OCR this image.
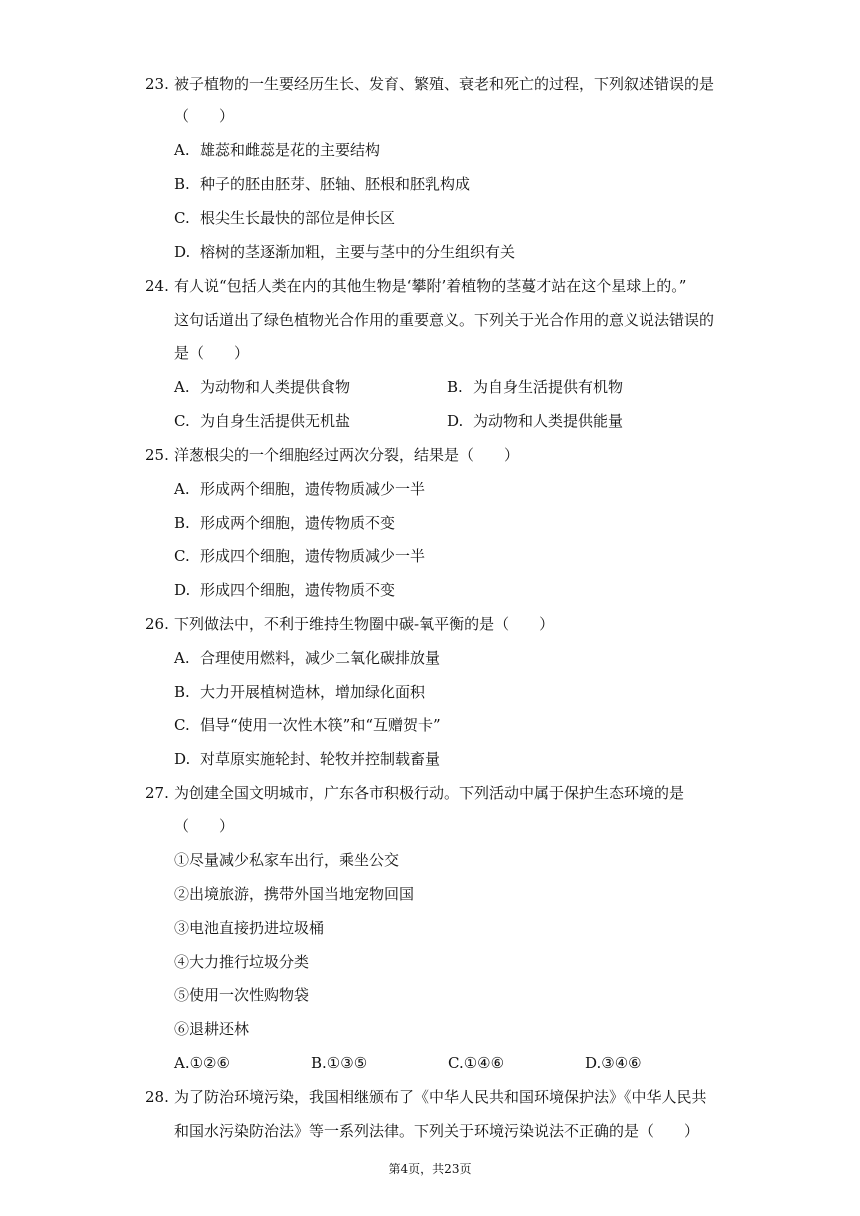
23. 被子植物的一生要经历生长、发育、繁殖、衰老和死亡的过程，下列叙述错误的是
（　　）
A. 雄蕊和雌蕊是花的主要结构
B. 种子的胚由胚芽、胚轴、胚根和胚乳构成
C. 根尖生长最快的部位是伸长区
D. 榕树的茎逐渐加粗，主要与茎中的分生组织有关
24. 有人说“包括人类在内的其他生物是‘攀附’着植物的茎蔓才站在这个星球上的。”
这句话道出了绿色植物光合作用的重要意义。下列关于光合作用的意义说法错误的
是（　　）
A. 为动物和人类提供食物	B. 为自身生活提供有机物
C. 为自身生活提供无机盐	D. 为动物和人类提供能量
25. 洋葱根尖的一个细胞经过两次分裂，结果是（　　）
A. 形成两个细胞，遗传物质减少一半
B. 形成两个细胞，遗传物质不变
C. 形成四个细胞，遗传物质减少一半
D. 形成四个细胞，遗传物质不变
26. 下列做法中，不利于维持生物圈中碳-氧平衡的是（　　）
A. 合理使用燃料，减少二氧化碳排放量
B. 大力开展植树造林，增加绿化面积
C. 倡导“使用一次性木筷”和“互赠贺卡”
D. 对草原实施轮封、轮牧并控制载畜量
27. 为创建全国文明城市，广东各市积极行动。下列活动中属于保护生态环境的是
（　　）
①尽量减少私家车出行，乘坐公交
②出境旅游，携带外国当地宠物回国
③电池直接扔进垃圾桶
④大力推行垃圾分类
⑤使用一次性购物袋
⑥退耕还林
A.①②⑥	B.①③⑤	C.①④⑥	D.③④⑥
28. 为了防治环境污染，我国相继颁布了《中华人民共和国环境保护法》《中华人民共
和国水污染防治法》等一系列法律。下列关于环境污染说法不正确的是（　　）
第4页，共23页
